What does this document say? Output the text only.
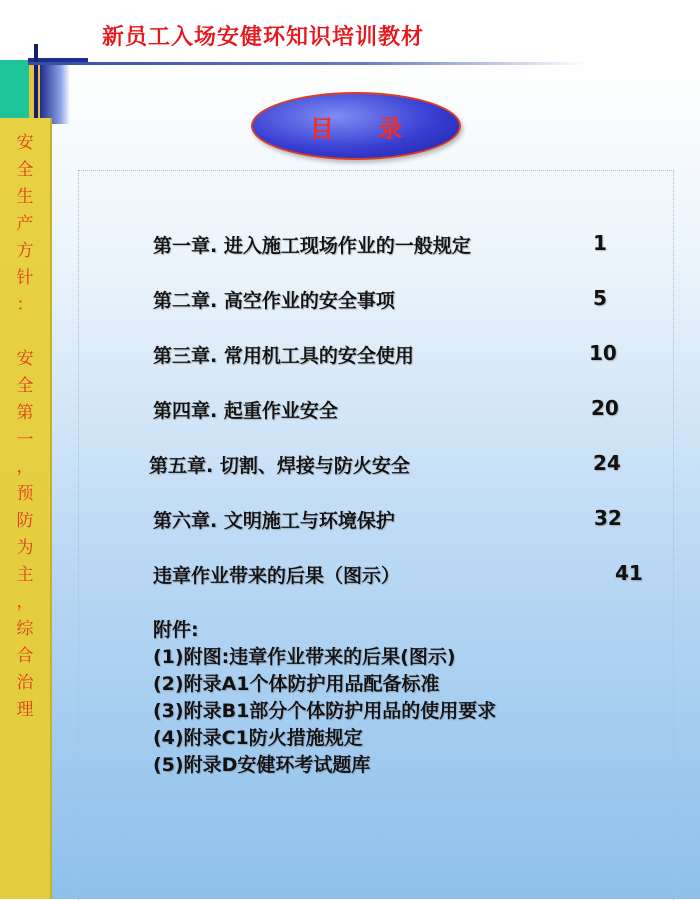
新员工入场安健环知识培训教材
安
全
生
产
方
针
：

安
全
第
一
，
预
防
为
主
，
综
合
治
理
目 录
第一章. 进入施工现场作业的一般规定	1
第二章. 高空作业的安全事项	5
第三章. 常用机工具的安全使用	10
第四章. 起重作业安全	20
第五章. 切割、焊接与防火安全	24
第六章. 文明施工与环境保护	32
违章作业带来的后果（图示）	41
附件:
(1)附图:违章作业带来的后果(图示)
(2)附录A1个体防护用品配备标准
(3)附录B1部分个体防护用品的使用要求
(4)附录C1防火措施规定
(5)附录D安健环考试题库
